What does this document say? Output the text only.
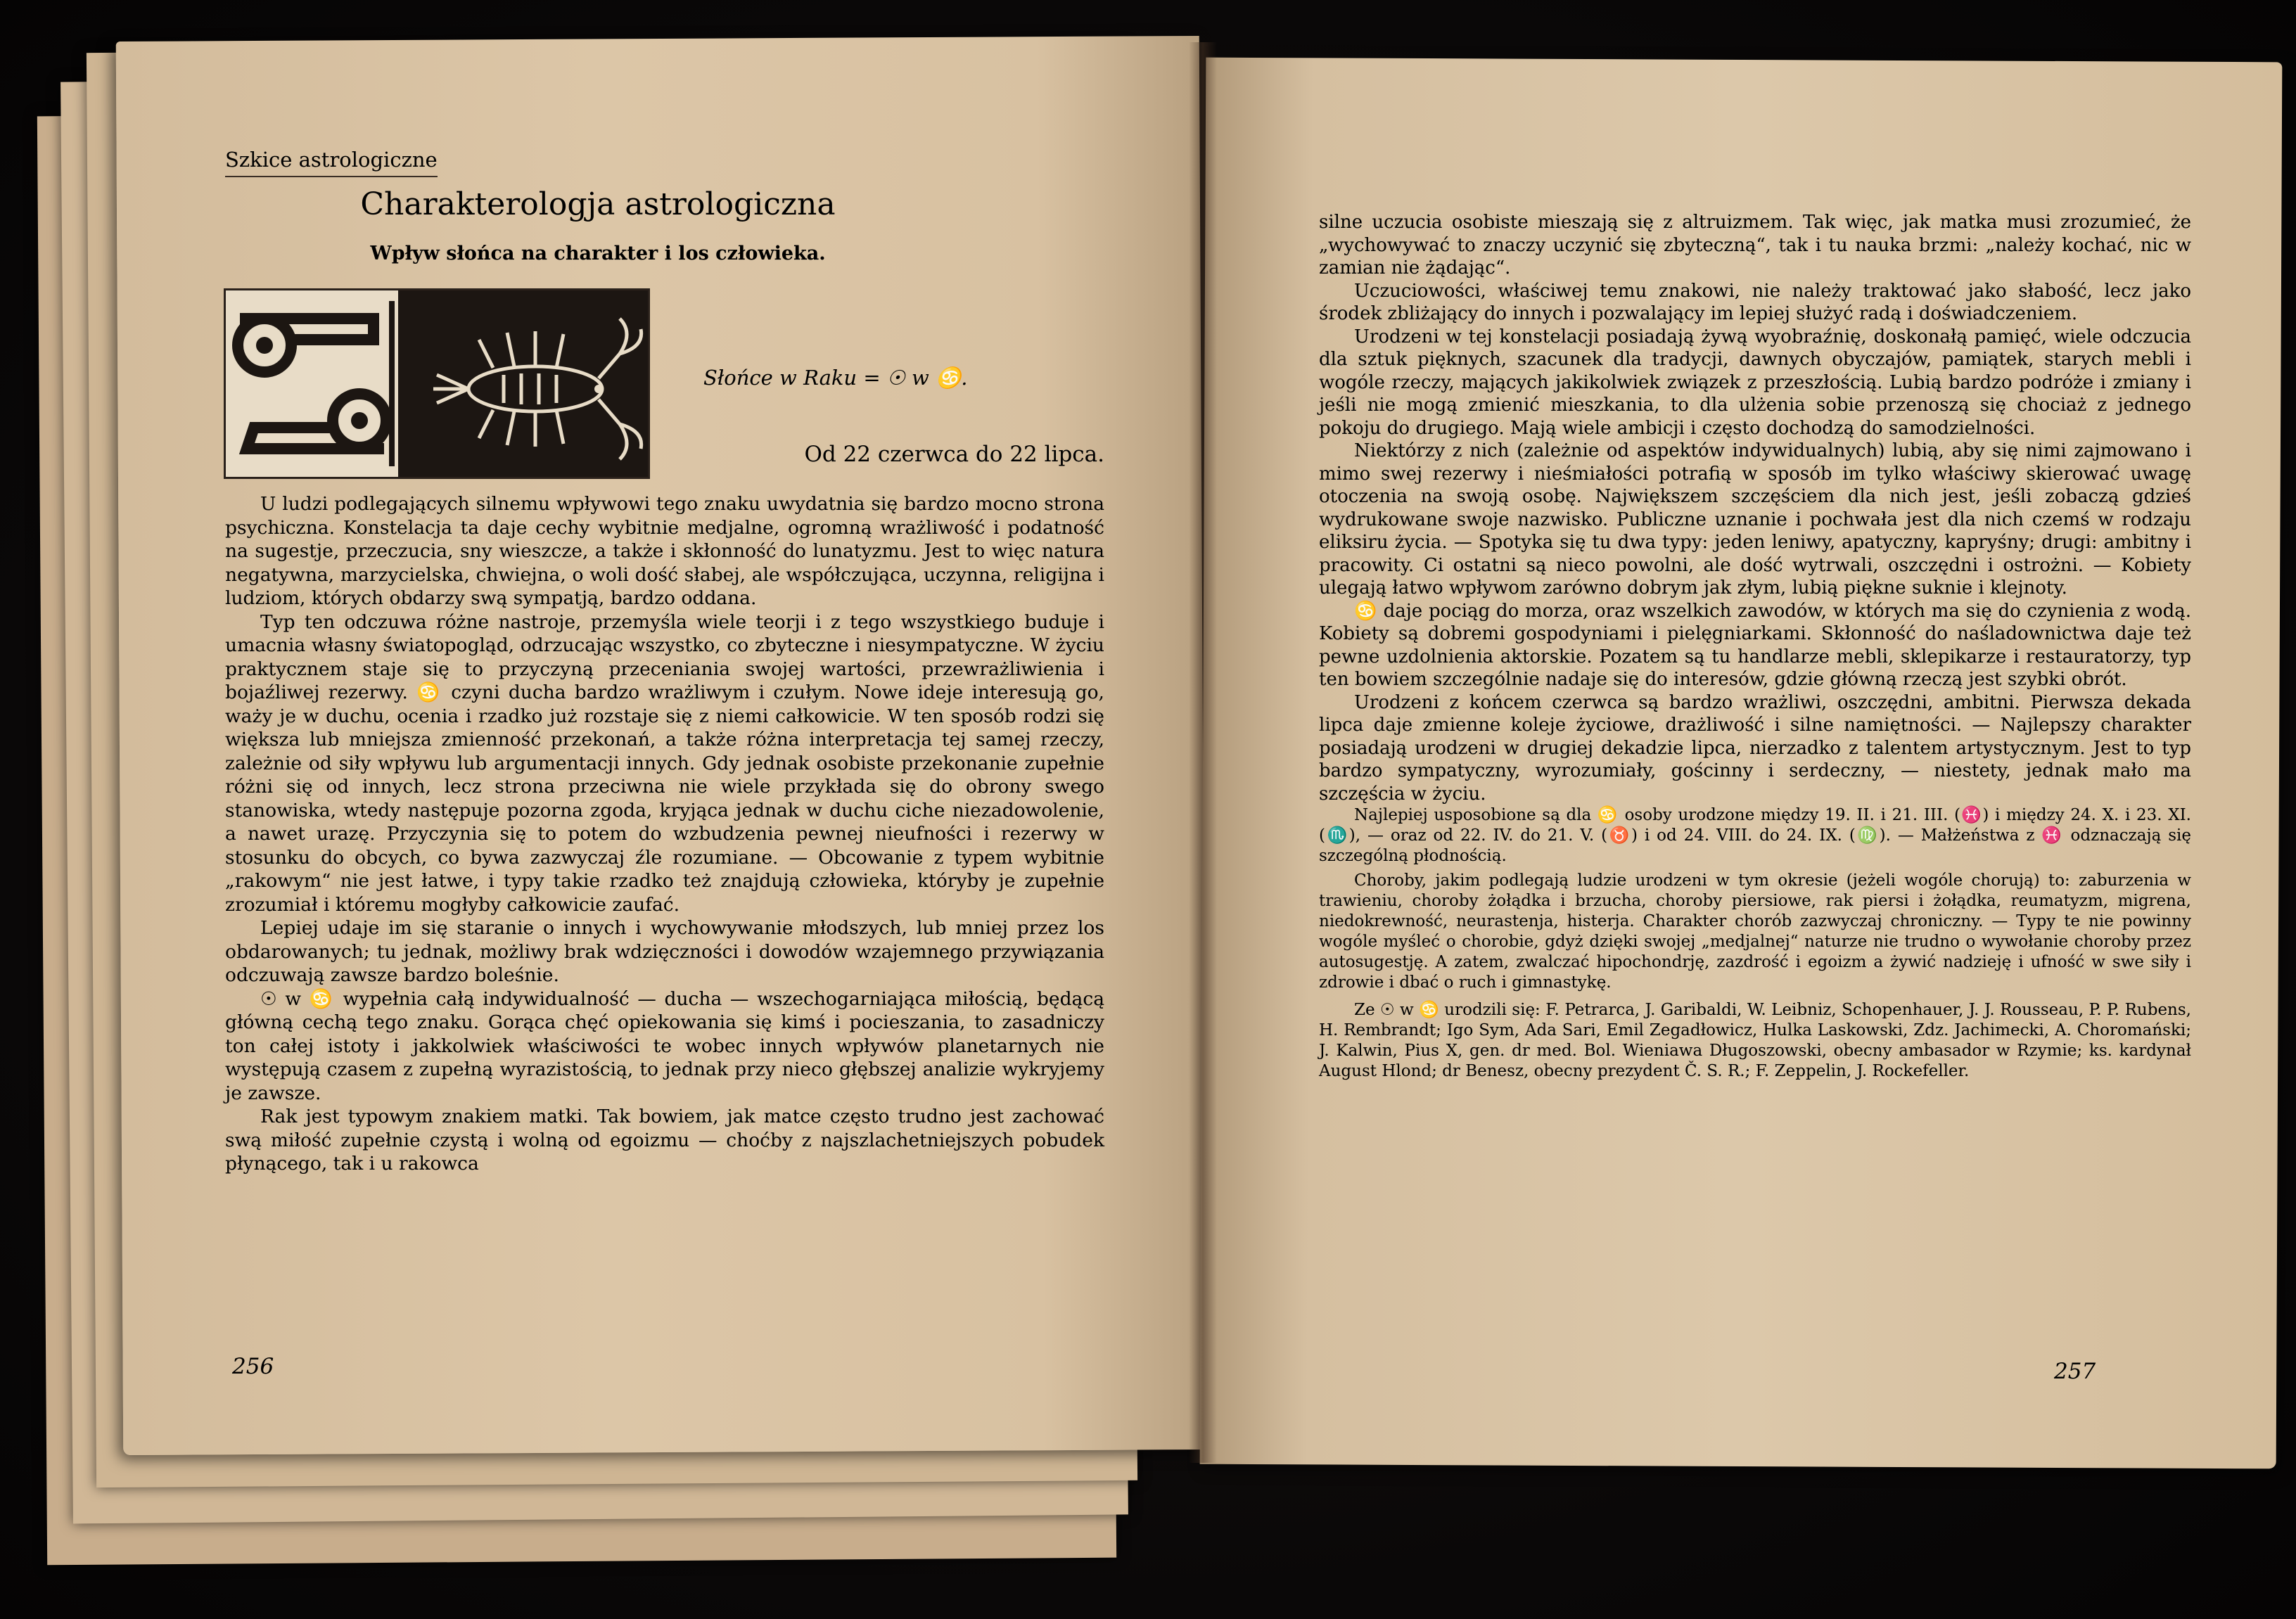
Szkice astrologiczne
Charakterologja astrologiczna
Wpływ słońca na charakter i los człowieka.
Słońce w Raku = ☉ w ♋.
Od 22 czerwca do 22 lipca.

U ludzi podlegających silnemu wpływowi tego znaku uwydatnia się bardzo mocno strona psychiczna. Konstelacja ta daje cechy wybitnie medjalne, ogromną wrażliwość i podatność na sugestje, przeczucia, sny wieszcze, a także i skłonność do lunatyzmu. Jest to więc natura negatywna, marzycielska, chwiejna, o woli dość słabej, ale współczująca, uczynna, religijna i ludziom, których obdarzy swą sympatją, bardzo oddana.

Typ ten odczuwa różne nastroje, przemyśla wiele teorji i z tego wszystkiego buduje i umacnia własny światopogląd, odrzucając wszystko, co zbyteczne i niesympatyczne. W życiu praktycznem staje się to przyczyną przeceniania swojej wartości, przewrażliwienia i bojaźliwej rezerwy. ♋ czyni ducha bardzo wrażliwym i czułym. Nowe ideje interesują go, waży je w duchu, ocenia i rzadko już rozstaje się z niemi całkowicie. W ten sposób rodzi się większa lub mniejsza zmienność przekonań, a także różna interpretacja tej samej rzeczy, zależnie od siły wpływu lub argumentacji innych. Gdy jednak osobiste przekonanie zupełnie różni się od innych, lecz strona przeciwna nie wiele przykłada się do obrony swego stanowiska, wtedy następuje pozorna zgoda, kryjąca jednak w duchu ciche niezadowolenie, a nawet urazę. Przyczynia się to potem do wzbudzenia pewnej nieufności i rezerwy w stosunku do obcych, co bywa zazwyczaj źle rozumiane. — Obcowanie z typem wybitnie „rakowym“ nie jest łatwe, i typy takie rzadko też znajdują człowieka, któryby je zupełnie zrozumiał i któremu mogłyby całkowicie zaufać.

Lepiej udaje im się staranie o innych i wychowywanie młodszych, lub mniej przez los obdarowanych; tu jednak, możliwy brak wdzięczności i dowodów wzajemnego przywiązania odczuwają zawsze bardzo boleśnie.

☉ w ♋ wypełnia całą indywidualność — ducha — wszechogarniająca miłością, będącą główną cechą tego znaku. Gorąca chęć opiekowania się kimś i pocieszania, to zasadniczy ton całej istoty i jakkolwiek właściwości te wobec innych wpływów planetarnych nie występują czasem z zupełną wyrazistością, to jednak przy nieco głębszej analizie wykryjemy je zawsze.

Rak jest typowym znakiem matki. Tak bowiem, jak matce często trudno jest zachować swą miłość zupełnie czystą i wolną od egoizmu — choćby z najszlachetniejszych pobudek płynącego, tak i u rakowca

256

silne uczucia osobiste mieszają się z altruizmem. Tak więc, jak matka musi zrozumieć, że „wychowywać to znaczy uczynić się zbyteczną“, tak i tu nauka brzmi: „należy kochać, nic w zamian nie żądając“.

Uczuciowości, właściwej temu znakowi, nie należy traktować jako słabość, lecz jako środek zbliżający do innych i pozwalający im lepiej służyć radą i doświadczeniem.

Urodzeni w tej konstelacji posiadają żywą wyobraźnię, doskonałą pamięć, wiele odczucia dla sztuk pięknych, szacunek dla tradycji, dawnych obyczajów, pamiątek, starych mebli i wogóle rzeczy, mających jakikolwiek związek z przeszłością. Lubią bardzo podróże i zmiany i jeśli nie mogą zmienić mieszkania, to dla ulżenia sobie przenoszą się chociaż z jednego pokoju do drugiego. Mają wiele ambicji i często dochodzą do samodzielności.

Niektórzy z nich (zależnie od aspektów indywidualnych) lubią, aby się nimi zajmowano i mimo swej rezerwy i nieśmiałości potrafią w sposób im tylko właściwy skierować uwagę otoczenia na swoją osobę. Największem szczęściem dla nich jest, jeśli zobaczą gdzieś wydrukowane swoje nazwisko. Publiczne uznanie i pochwała jest dla nich czemś w rodzaju eliksiru życia. — Spotyka się tu dwa typy: jeden leniwy, apatyczny, kapryśny; drugi: ambitny i pracowity. Ci ostatni są nieco powolni, ale dość wytrwali, oszczędni i ostrożni. — Kobiety ulegają łatwo wpływom zarówno dobrym jak złym, lubią piękne suknie i klejnoty.

♋ daje pociąg do morza, oraz wszelkich zawodów, w których ma się do czynienia z wodą. Kobiety są dobremi gospodyniami i pielęgniarkami. Skłonność do naśladownictwa daje też pewne uzdolnienia aktorskie. Pozatem są tu handlarze mebli, sklepikarze i restauratorzy, typ ten bowiem szczególnie nadaje się do interesów, gdzie główną rzeczą jest szybki obrót.

Urodzeni z końcem czerwca są bardzo wrażliwi, oszczędni, ambitni. Pierwsza dekada lipca daje zmienne koleje życiowe, drażliwość i silne namiętności. — Najlepszy charakter posiadają urodzeni w drugiej dekadzie lipca, nierzadko z talentem artystycznym. Jest to typ bardzo sympatyczny, wyrozumiały, gościnny i serdeczny, — niestety, jednak mało ma szczęścia w życiu.

Najlepiej usposobione są dla ♋ osoby urodzone między 19. II. i 21. III. (♓) i między 24. X. i 23. XI. (♏), — oraz od 22. IV. do 21. V. (♉) i od 24. VIII. do 24. IX. (♍). — Małżeństwa z ♓ odznaczają się szczególną płodnością.

Choroby, jakim podlegają ludzie urodzeni w tym okresie (jeżeli wogóle chorują) to: zaburzenia w trawieniu, choroby żołądka i brzucha, choroby piersiowe, rak piersi i żołądka, reumatyzm, migrena, niedokrewność, neurastenja, histerja. Charakter chorób zazwyczaj chroniczny. — Typy te nie powinny wogóle myśleć o chorobie, gdyż dzięki swojej „medjalnej“ naturze nie trudno o wywołanie choroby przez autosugestję. A zatem, zwalczać hipochondrję, zazdrość i egoizm a żywić nadzieję i ufność w swe siły i zdrowie i dbać o ruch i gimnastykę.

Ze ☉ w ♋ urodzili się: F. Petrarca, J. Garibaldi, W. Leibniz, Schopenhauer, J. J. Rousseau, P. P. Rubens, H. Rembrandt; Igo Sym, Ada Sari, Emil Zegadłowicz, Hulka Laskowski, Zdz. Jachimecki, A. Choromański; J. Kalwin, Pius X, gen. dr med. Bol. Wieniawa Długoszowski, obecny ambasador w Rzymie; ks. kardynał August Hlond; dr Benesz, obecny prezydent Č. S. R.; F. Zeppelin, J. Rockefeller.

257
